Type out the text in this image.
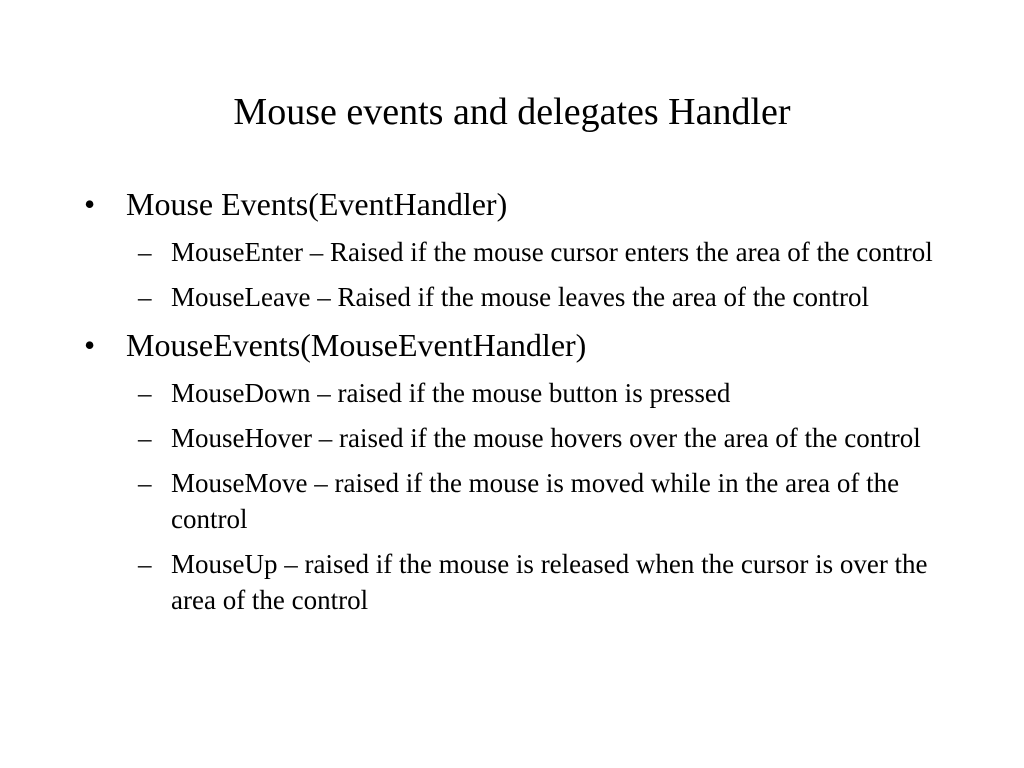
Mouse events and delegates Handler
• Mouse Events(EventHandler)
– MouseEnter – Raised if the mouse cursor enters the area of the control
– MouseLeave – Raised if the mouse leaves the area of the control
• MouseEvents(MouseEventHandler)
– MouseDown – raised if the mouse button is pressed
– MouseHover – raised if the mouse hovers over the area of the control
– MouseMove – raised if the mouse is moved while in the area of the control
– MouseUp – raised if the mouse is released when the cursor is over the area of the control
